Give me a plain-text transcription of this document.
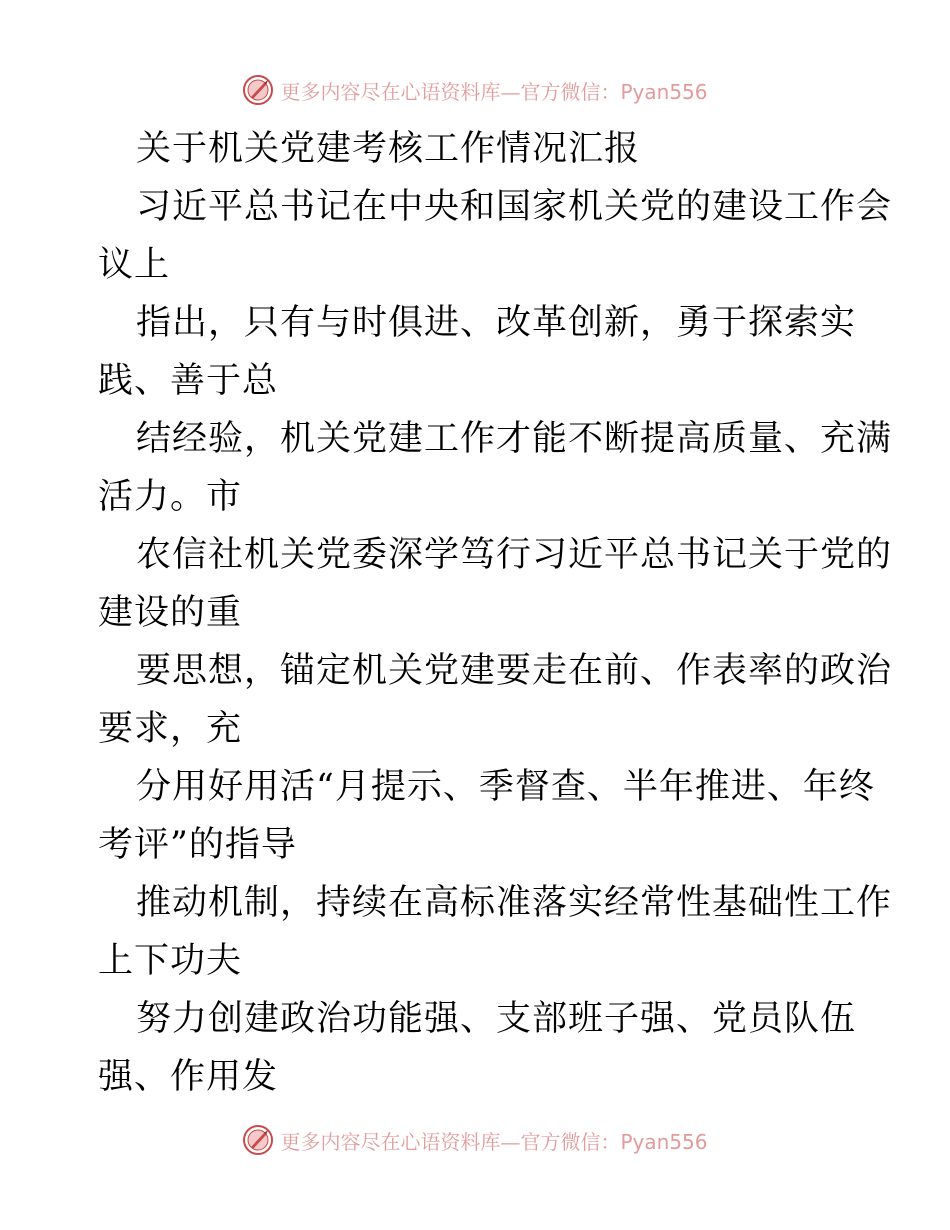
更多内容尽在心语资料库—官方微信：Pyan556
关于机关党建考核工作情况汇报
习近平总书记在中央和国家机关党的建设工作会
议上
指出，只有与时俱进、改革创新，勇于探索实
践、善于总
结经验，机关党建工作才能不断提高质量、充满
活力。市
农信社机关党委深学笃行习近平总书记关于党的
建设的重
要思想，锚定机关党建要走在前、作表率的政治
要求，充
分用好用活“月提示、季督查、半年推进、年终
考评”的指导
推动机制，持续在高标准落实经常性基础性工作
上下功夫
努力创建政治功能强、支部班子强、党员队伍
强、作用发
更多内容尽在心语资料库—官方微信：Pyan556
